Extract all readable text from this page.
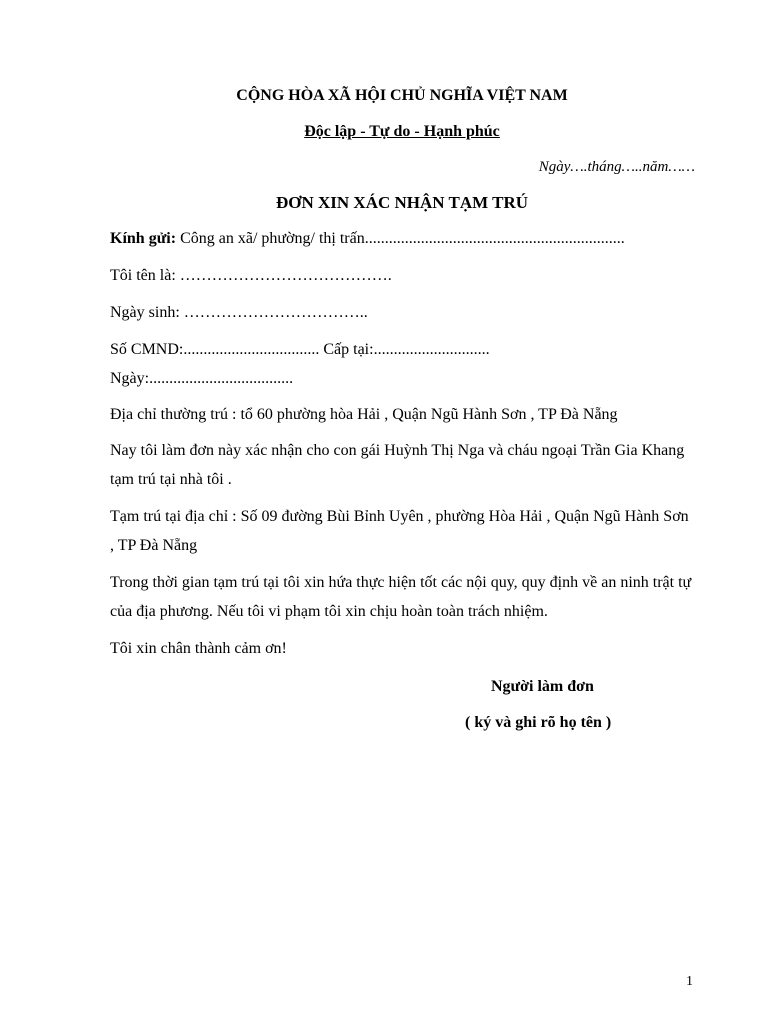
CỘNG HÒA XÃ HỘI CHỦ NGHĨA VIỆT NAM
Độc lập - Tự do - Hạnh phúc
Ngày….tháng…..năm……
ĐƠN XIN XÁC NHẬN TẠM TRÚ
Kính gửi: Công an xã/ phường/ thị trấn.................................................................
Tôi tên là: ………………………………….
Ngày sinh: ……………………………..
Số CMND:.................................. Cấp tại:.............................
Ngày:....................................
Địa chỉ thường trú : tổ 60 phường hòa Hải , Quận Ngũ Hành Sơn , TP Đà Nẵng
Nay tôi làm đơn này xác nhận cho con gái Huỳnh Thị Nga và cháu ngoại Trần Gia Khang tạm trú tại nhà tôi .
Tạm trú tại địa chỉ : Số 09 đường Bùi Bỉnh Uyên , phường Hòa Hải , Quận Ngũ Hành Sơn , TP Đà Nẵng
Trong thời gian tạm trú tại tôi xin hứa thực hiện tốt các nội quy, quy định về an ninh trật tự của địa phương. Nếu tôi vi phạm tôi xin chịu hoàn toàn trách nhiệm.
Tôi xin chân thành cảm ơn!
Người làm đơn
( ký và ghi rõ họ tên )
1
